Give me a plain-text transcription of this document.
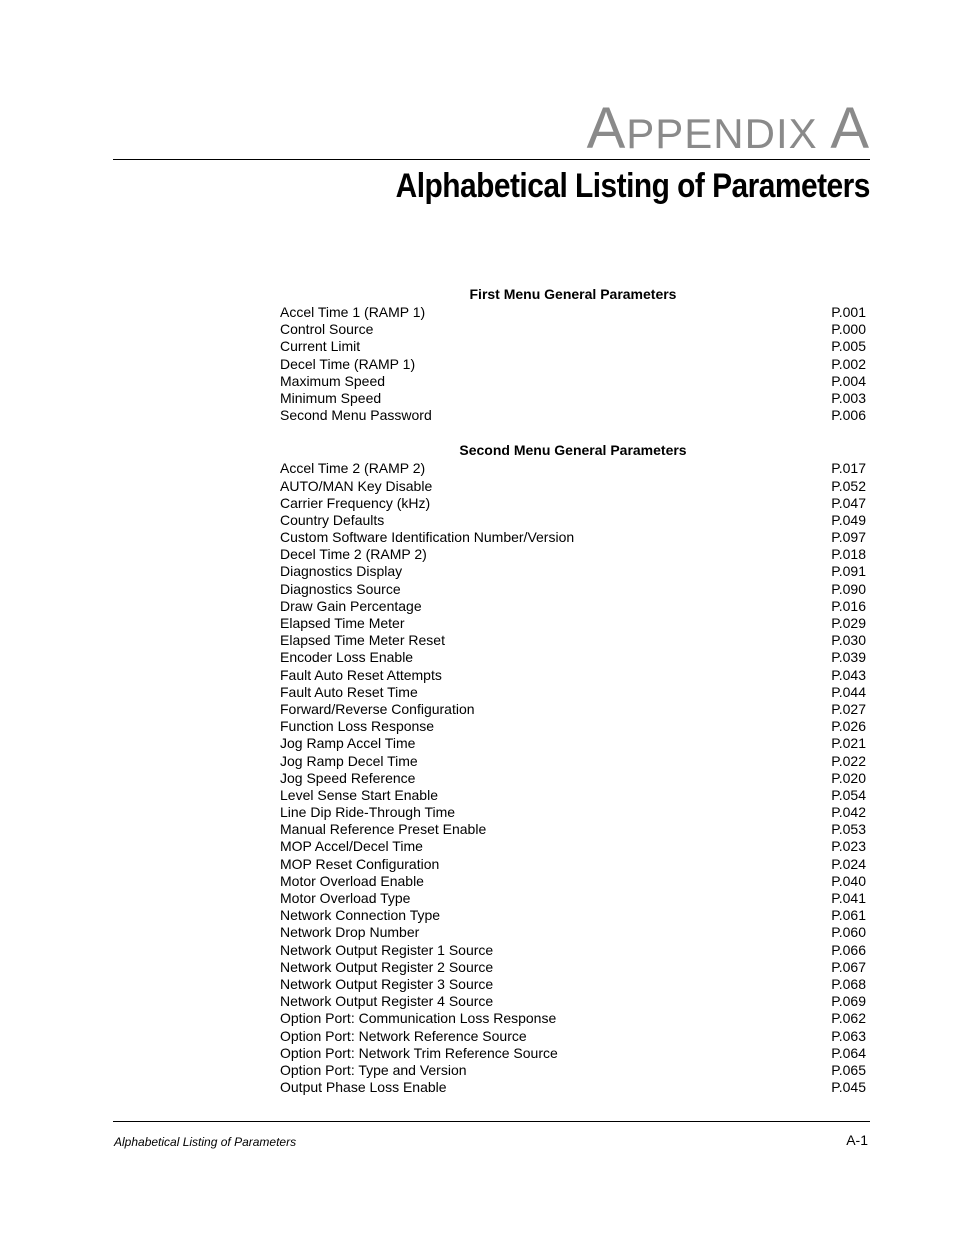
APPENDIX A
Alphabetical Listing of Parameters
First Menu General Parameters
Accel Time 1 (RAMP 1)	P.001
Control Source	P.000
Current Limit	P.005
Decel Time (RAMP 1)	P.002
Maximum Speed	P.004
Minimum Speed	P.003
Second Menu Password	P.006
Second Menu General Parameters
Accel Time 2 (RAMP 2)	P.017
AUTO/MAN Key Disable	P.052
Carrier Frequency (kHz)	P.047
Country Defaults	P.049
Custom Software Identification Number/Version	P.097
Decel Time 2 (RAMP 2)	P.018
Diagnostics Display	P.091
Diagnostics Source	P.090
Draw Gain Percentage	P.016
Elapsed Time Meter	P.029
Elapsed Time Meter Reset	P.030
Encoder Loss Enable	P.039
Fault Auto Reset Attempts	P.043
Fault Auto Reset Time	P.044
Forward/Reverse Configuration	P.027
Function Loss Response	P.026
Jog Ramp Accel Time	P.021
Jog Ramp Decel Time	P.022
Jog Speed Reference	P.020
Level Sense Start Enable	P.054
Line Dip Ride-Through Time	P.042
Manual Reference Preset Enable	P.053
MOP Accel/Decel Time	P.023
MOP Reset Configuration	P.024
Motor Overload Enable	P.040
Motor Overload Type	P.041
Network Connection Type	P.061
Network Drop Number	P.060
Network Output Register 1 Source	P.066
Network Output Register 2 Source	P.067
Network Output Register 3 Source	P.068
Network Output Register 4 Source	P.069
Option Port: Communication Loss Response	P.062
Option Port: Network Reference Source	P.063
Option Port: Network Trim Reference Source	P.064
Option Port: Type and Version	P.065
Output Phase Loss Enable	P.045
Alphabetical Listing of Parameters	A-1
